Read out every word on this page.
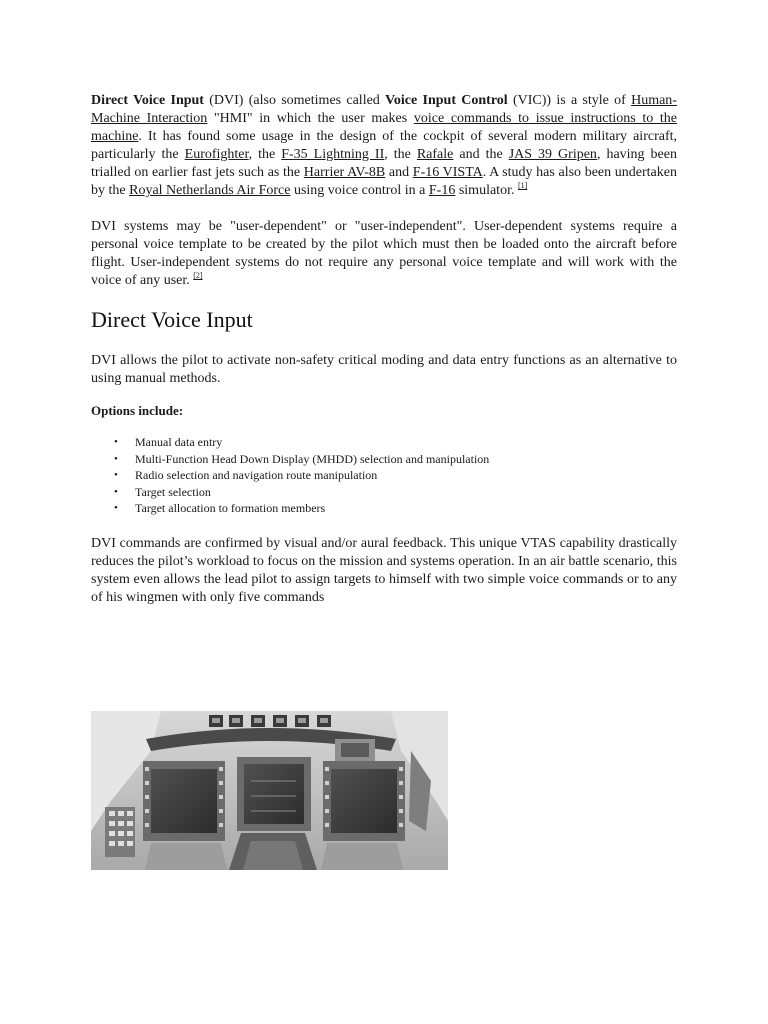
Direct Voice Input (DVI) (also sometimes called Voice Input Control (VIC)) is a style of Human-Machine Interaction "HMI" in which the user makes voice commands to issue instructions to the machine. It has found some usage in the design of the cockpit of several modern military aircraft, particularly the Eurofighter, the F-35 Lightning II, the Rafale and the JAS 39 Gripen, having been trialled on earlier fast jets such as the Harrier AV-8B and F-16 VISTA. A study has also been undertaken by the Royal Netherlands Air Force using voice control in a F-16 simulator. [1]

DVI systems may be "user-dependent" or "user-independent". User-dependent systems require a personal voice template to be created by the pilot which must then be loaded onto the aircraft before flight. User-independent systems do not require any personal voice template and will work with the voice of any user. [2]

Direct Voice Input

DVI allows the pilot to activate non-safety critical moding and data entry functions as an alternative to using manual methods.

Options include:

• Manual data entry
• Multi-Function Head Down Display (MHDD) selection and manipulation
• Radio selection and navigation route manipulation
• Target selection
• Target allocation to formation members

DVI commands are confirmed by visual and/or aural feedback. This unique VTAS capability drastically reduces the pilot’s workload to focus on the mission and systems operation. In an air battle scenario, this system even allows the lead pilot to assign targets to himself with two simple voice commands or to any of his wingmen with only five commands
